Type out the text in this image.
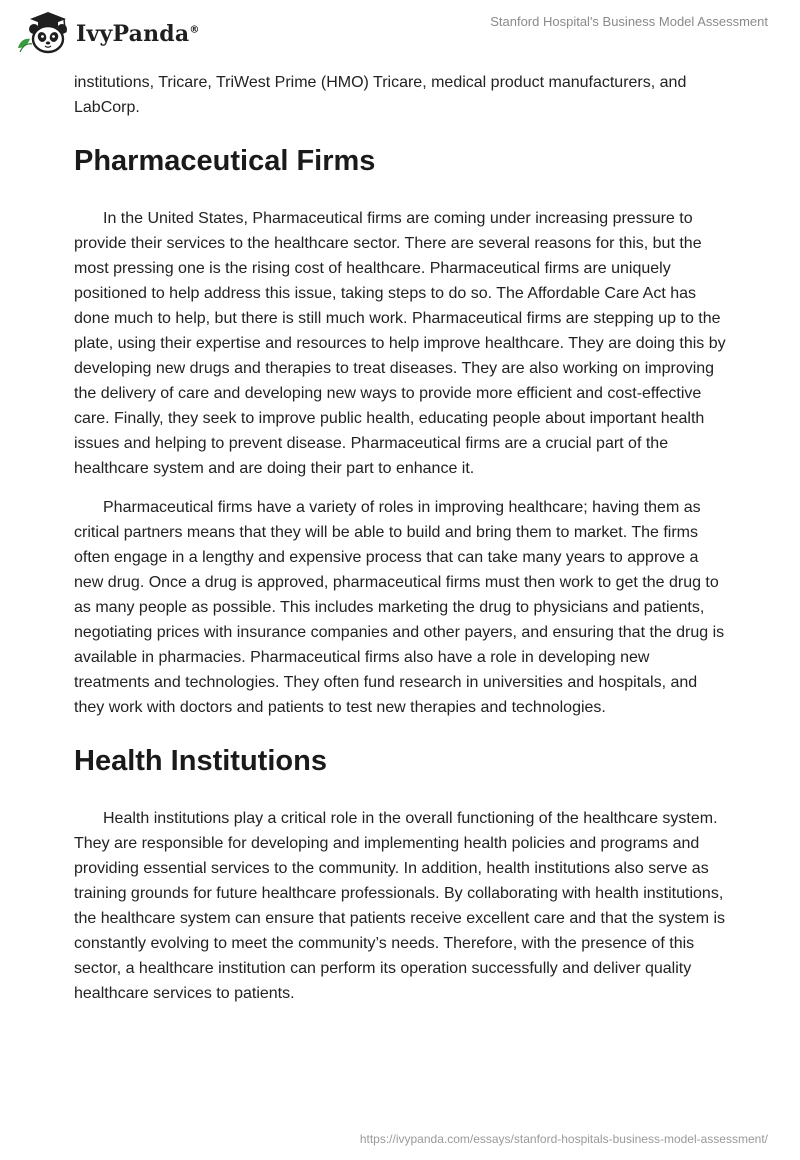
IvyPanda®
Stanford Hospital's Business Model Assessment

institutions, Tricare, TriWest Prime (HMO) Tricare, medical product manufacturers, and LabCorp.

Pharmaceutical Firms

In the United States, Pharmaceutical firms are coming under increasing pressure to provide their services to the healthcare sector. There are several reasons for this, but the most pressing one is the rising cost of healthcare. Pharmaceutical firms are uniquely positioned to help address this issue, taking steps to do so. The Affordable Care Act has done much to help, but there is still much work. Pharmaceutical firms are stepping up to the plate, using their expertise and resources to help improve healthcare. They are doing this by developing new drugs and therapies to treat diseases. They are also working on improving the delivery of care and developing new ways to provide more efficient and cost-effective care. Finally, they seek to improve public health, educating people about important health issues and helping to prevent disease. Pharmaceutical firms are a crucial part of the healthcare system and are doing their part to enhance it.

Pharmaceutical firms have a variety of roles in improving healthcare; having them as critical partners means that they will be able to build and bring them to market. The firms often engage in a lengthy and expensive process that can take many years to approve a new drug. Once a drug is approved, pharmaceutical firms must then work to get the drug to as many people as possible. This includes marketing the drug to physicians and patients, negotiating prices with insurance companies and other payers, and ensuring that the drug is available in pharmacies. Pharmaceutical firms also have a role in developing new treatments and technologies. They often fund research in universities and hospitals, and they work with doctors and patients to test new therapies and technologies.

Health Institutions

Health institutions play a critical role in the overall functioning of the healthcare system. They are responsible for developing and implementing health policies and programs and providing essential services to the community. In addition, health institutions also serve as training grounds for future healthcare professionals. By collaborating with health institutions, the healthcare system can ensure that patients receive excellent care and that the system is constantly evolving to meet the community’s needs. Therefore, with the presence of this sector, a healthcare institution can perform its operation successfully and deliver quality healthcare services to patients.

https://ivypanda.com/essays/stanford-hospitals-business-model-assessment/
